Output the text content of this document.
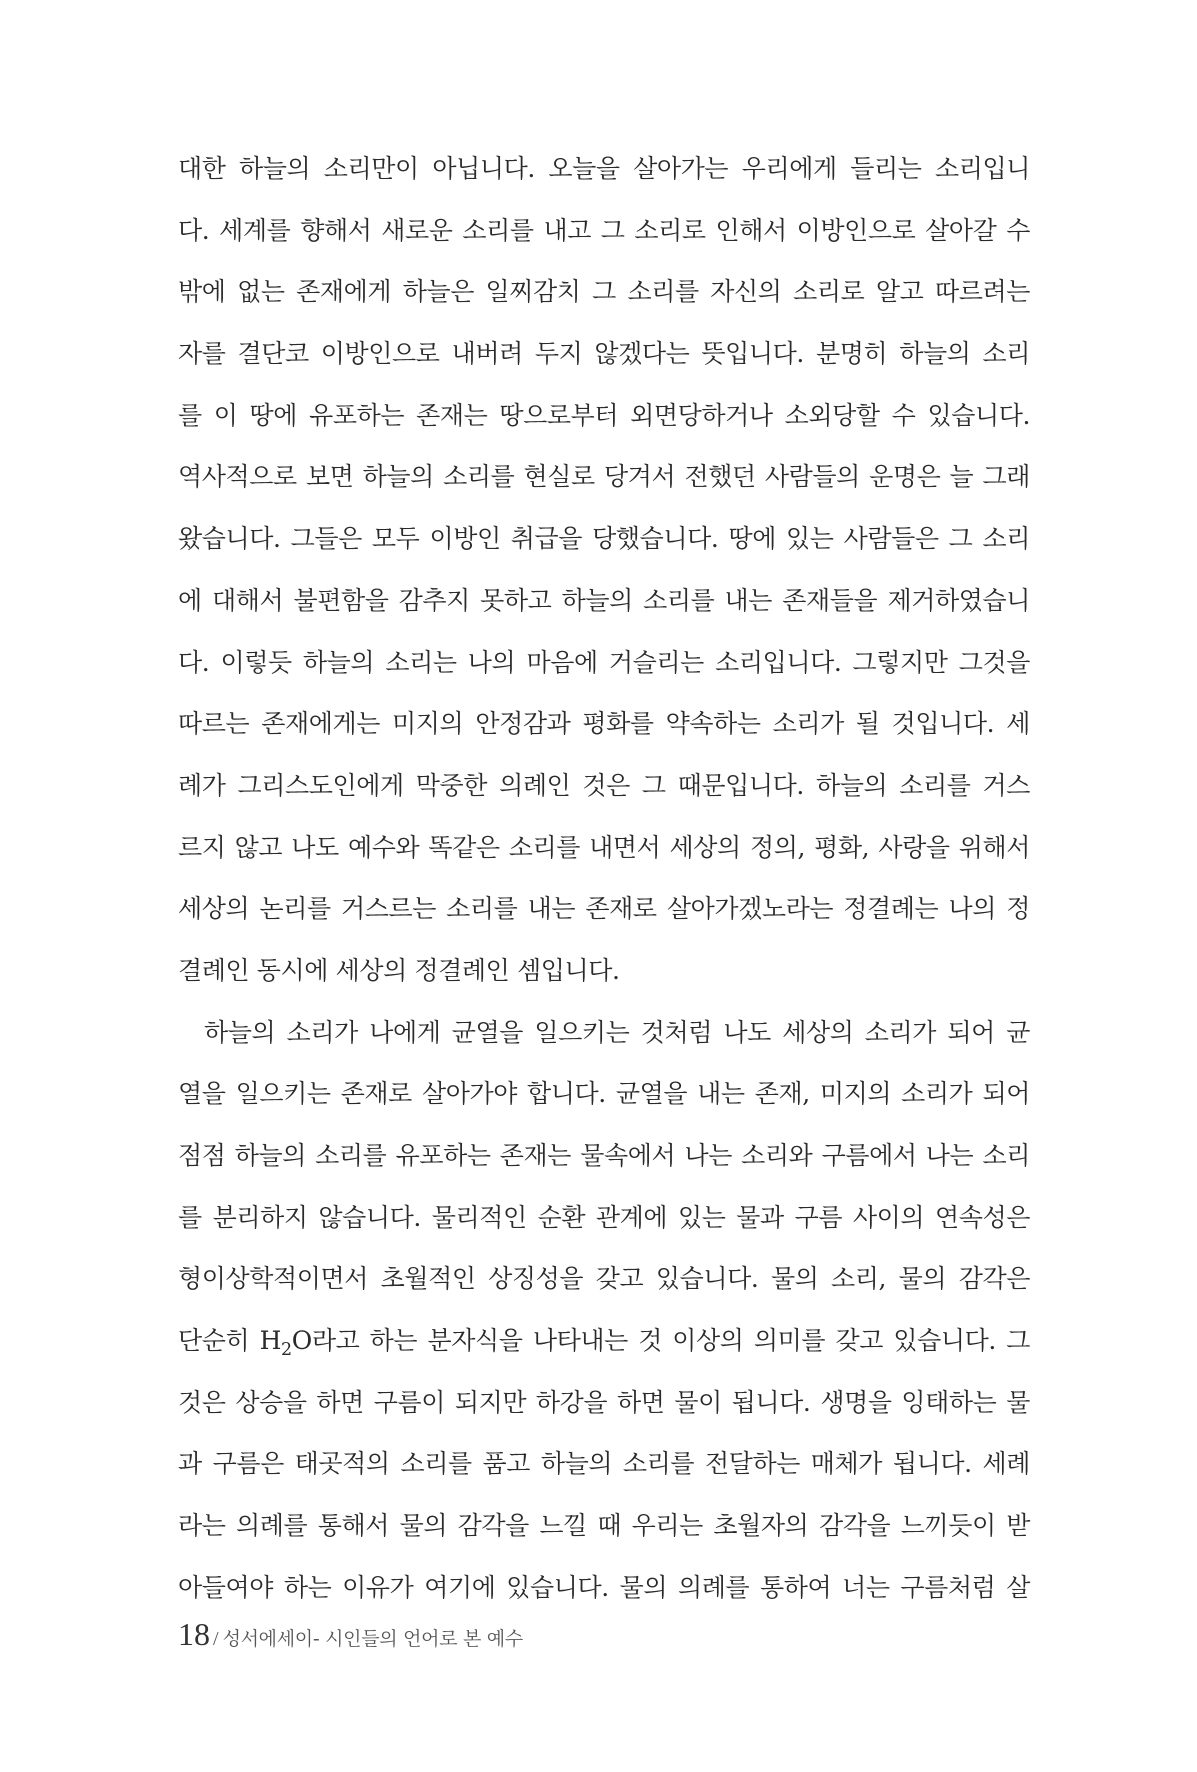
대한 하늘의 소리만이 아닙니다. 오늘을 살아가는 우리에게 들리는 소리입니
다. 세계를 향해서 새로운 소리를 내고 그 소리로 인해서 이방인으로 살아갈 수
밖에 없는 존재에게 하늘은 일찌감치 그 소리를 자신의 소리로 알고 따르려는
자를 결단코 이방인으로 내버려 두지 않겠다는 뜻입니다. 분명히 하늘의 소리
를 이 땅에 유포하는 존재는 땅으로부터 외면당하거나 소외당할 수 있습니다.
역사적으로 보면 하늘의 소리를 현실로 당겨서 전했던 사람들의 운명은 늘 그래
왔습니다. 그들은 모두 이방인 취급을 당했습니다. 땅에 있는 사람들은 그 소리
에 대해서 불편함을 감추지 못하고 하늘의 소리를 내는 존재들을 제거하였습니
다. 이렇듯 하늘의 소리는 나의 마음에 거슬리는 소리입니다. 그렇지만 그것을
따르는 존재에게는 미지의 안정감과 평화를 약속하는 소리가 될 것입니다. 세
례가 그리스도인에게 막중한 의례인 것은 그 때문입니다. 하늘의 소리를 거스
르지 않고 나도 예수와 똑같은 소리를 내면서 세상의 정의, 평화, 사랑을 위해서
세상의 논리를 거스르는 소리를 내는 존재로 살아가겠노라는 정결례는 나의 정
결례인 동시에 세상의 정결례인 셈입니다.
하늘의 소리가 나에게 균열을 일으키는 것처럼 나도 세상의 소리가 되어 균
열을 일으키는 존재로 살아가야 합니다. 균열을 내는 존재, 미지의 소리가 되어
점점 하늘의 소리를 유포하는 존재는 물속에서 나는 소리와 구름에서 나는 소리
를 분리하지 않습니다. 물리적인 순환 관계에 있는 물과 구름 사이의 연속성은
형이상학적이면서 초월적인 상징성을 갖고 있습니다. 물의 소리, 물의 감각은
단순히 $H_2O$라고 하는 분자식을 나타내는 것 이상의 의미를 갖고 있습니다. 그
것은 상승을 하면 구름이 되지만 하강을 하면 물이 됩니다. 생명을 잉태하는 물
과 구름은 태곳적의 소리를 품고 하늘의 소리를 전달하는 매체가 됩니다. 세례
라는 의례를 통해서 물의 감각을 느낄 때 우리는 초월자의 감각을 느끼듯이 받
아들여야 하는 이유가 여기에 있습니다. 물의 의례를 통하여 너는 구름처럼 살
18 / 성서에세이- 시인들의 언어로 본 예수
